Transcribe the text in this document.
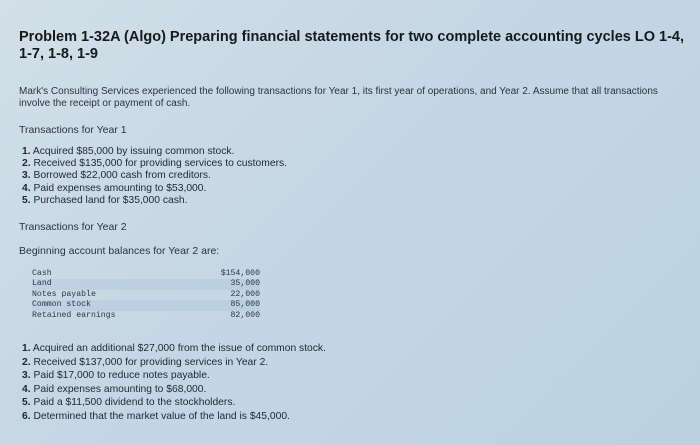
Problem 1-32A (Algo) Preparing financial statements for two complete accounting cycles LO 1-4, 1-7, 1-8, 1-9
Mark's Consulting Services experienced the following transactions for Year 1, its first year of operations, and Year 2. Assume that all transactions involve the receipt or payment of cash.
Transactions for Year 1
1. Acquired $85,000 by issuing common stock.
2. Received $135,000 for providing services to customers.
3. Borrowed $22,000 cash from creditors.
4. Paid expenses amounting to $53,000.
5. Purchased land for $35,000 cash.
Transactions for Year 2
Beginning account balances for Year 2 are:
Cash	$154,000
Land	35,000
Notes payable	22,000
Common stock	85,000
Retained earnings	82,000
1. Acquired an additional $27,000 from the issue of common stock.
2. Received $137,000 for providing services in Year 2.
3. Paid $17,000 to reduce notes payable.
4. Paid expenses amounting to $68,000.
5. Paid a $11,500 dividend to the stockholders.
6. Determined that the market value of the land is $45,000.
